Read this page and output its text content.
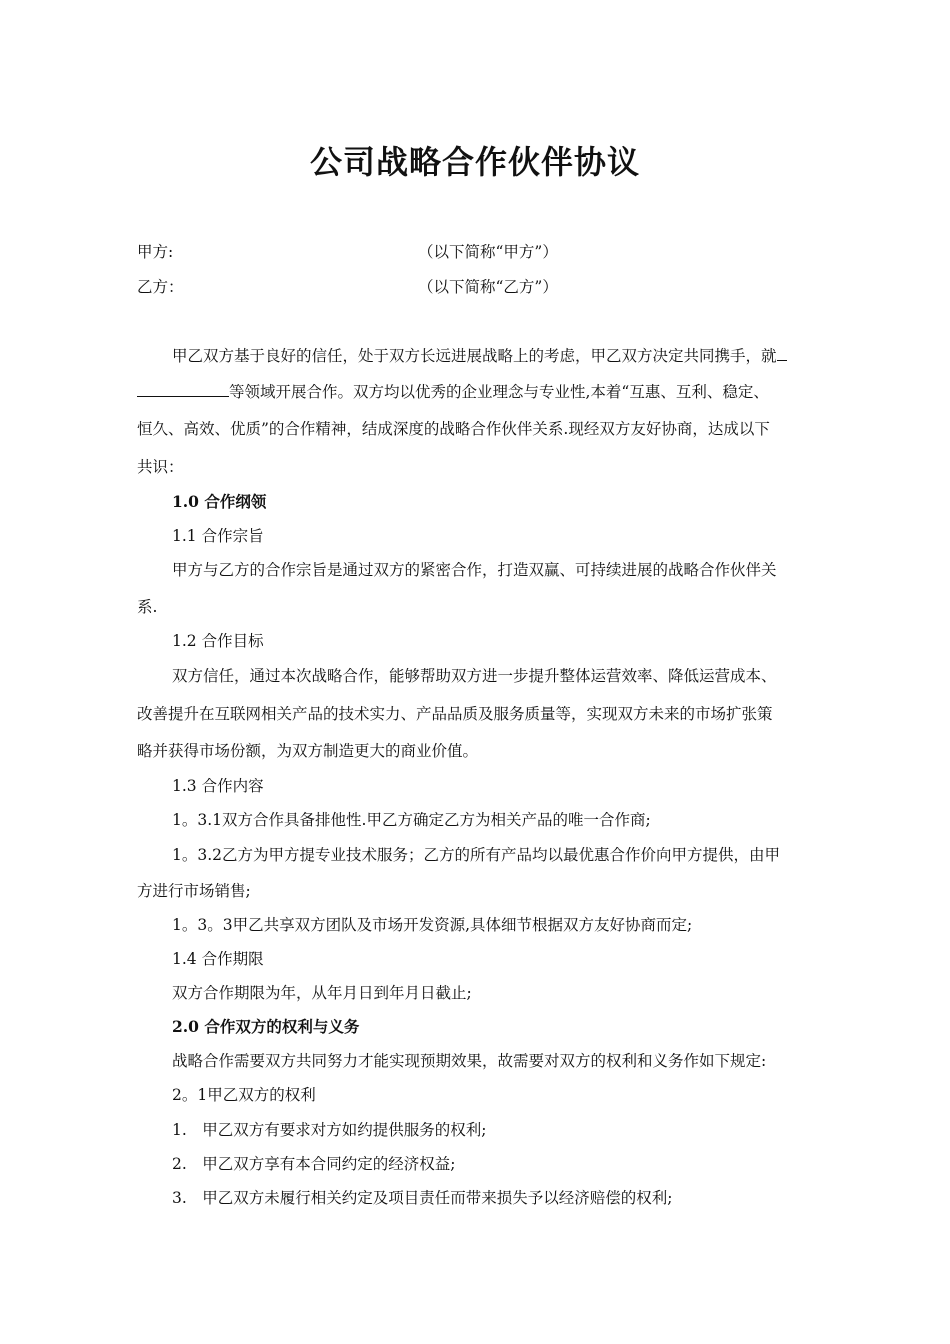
公司战略合作伙伴协议
甲方:	（以下简称“甲方”）
乙方：	（以下简称“乙方”）
甲乙双方基于良好的信任，处于双方长远进展战略上的考虑，甲乙双方决定共同携手，就
等领域开展合作。双方均以优秀的企业理念与专业性,本着“互惠、互利、稳定、
恒久、高效、优质”的合作精神，结成深度的战略合作伙伴关系.现经双方友好协商，达成以下
共识：
1.0 合作纲领
1.1 合作宗旨
甲方与乙方的合作宗旨是通过双方的紧密合作，打造双赢、可持续进展的战略合作伙伴关
系.
1.2 合作目标
双方信任，通过本次战略合作，能够帮助双方进一步提升整体运营效率、降低运营成本、
改善提升在互联网相关产品的技术实力、产品品质及服务质量等，实现双方未来的市场扩张策
略并获得市场份额，为双方制造更大的商业价值。
1.3 合作内容
1。3.1双方合作具备排他性.甲乙方确定乙方为相关产品的唯一合作商;
1。3.2乙方为甲方提专业技术服务；乙方的所有产品均以最优惠合作价向甲方提供，由甲
方进行市场销售;
1。3。3甲乙共享双方团队及市场开发资源,具体细节根据双方友好协商而定;
1.4 合作期限
双方合作期限为年，从年月日到年月日截止;
2.0 合作双方的权利与义务
战略合作需要双方共同努力才能实现预期效果，故需要对双方的权利和义务作如下规定:
2。1甲乙双方的权利
1.　甲乙双方有要求对方如约提供服务的权利;
2.　甲乙双方享有本合同约定的经济权益;
3.　甲乙双方未履行相关约定及项目责任而带来损失予以经济赔偿的权利;
